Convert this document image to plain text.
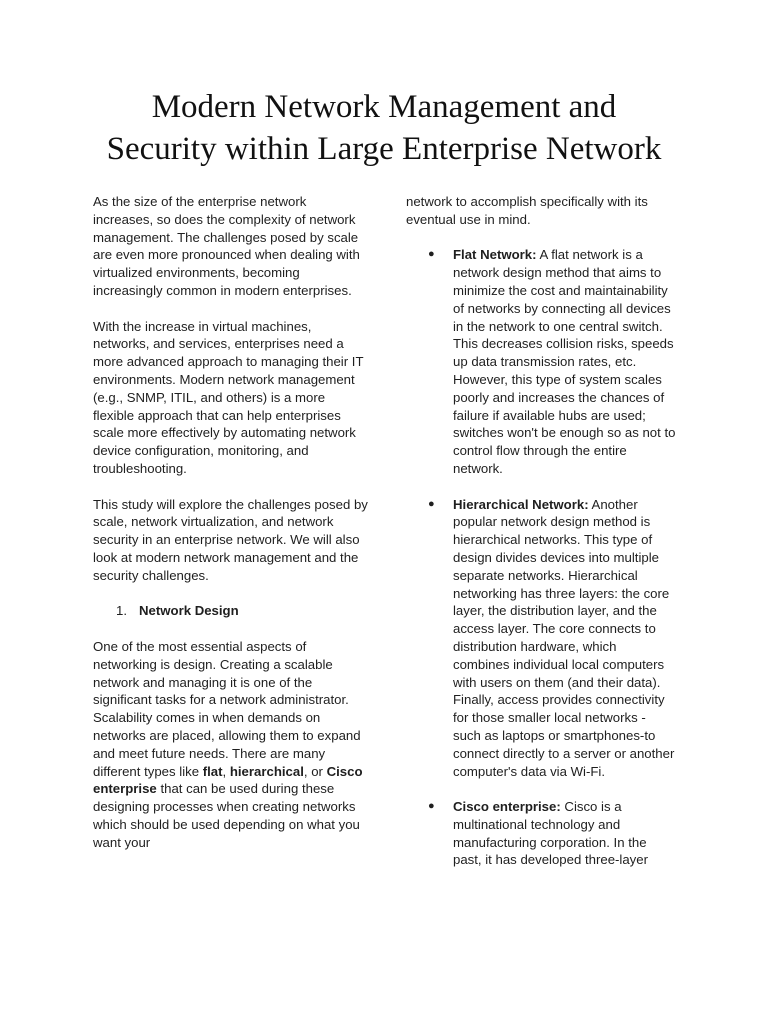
Modern Network Management and
Security within Large Enterprise Network

As the size of the enterprise network increases, so does the complexity of network management. The challenges posed by scale are even more pronounced when dealing with virtualized environments, becoming increasingly common in modern enterprises.

With the increase in virtual machines, networks, and services, enterprises need a more advanced approach to managing their IT environments. Modern network management (e.g., SNMP, ITIL, and others) is a more flexible approach that can help enterprises scale more effectively by automating network device configuration, monitoring, and troubleshooting.

This study will explore the challenges posed by scale, network virtualization, and network security in an enterprise network. We will also look at modern network management and the security challenges.

1. Network Design

One of the most essential aspects of networking is design. Creating a scalable network and managing it is one of the significant tasks for a network administrator. Scalability comes in when demands on networks are placed, allowing them to expand and meet future needs. There are many different types like flat, hierarchical, or Cisco enterprise that can be used during these designing processes when creating networks which should be used depending on what you want your

network to accomplish specifically with its eventual use in mind.

● Flat Network: A flat network is a network design method that aims to minimize the cost and maintainability of networks by connecting all devices in the network to one central switch. This decreases collision risks, speeds up data transmission rates, etc. However, this type of system scales poorly and increases the chances of failure if available hubs are used; switches won't be enough so as not to control flow through the entire network.
● Hierarchical Network: Another popular network design method is hierarchical networks. This type of design divides devices into multiple separate networks. Hierarchical networking has three layers: the core layer, the distribution layer, and the access layer. The core connects to distribution hardware, which combines individual local computers with users on them (and their data). Finally, access provides connectivity for those smaller local networks - such as laptops or smartphones-to connect directly to a server or another computer's data via Wi-Fi.
● Cisco enterprise: Cisco is a multinational technology and manufacturing corporation. In the past, it has developed three-layer
